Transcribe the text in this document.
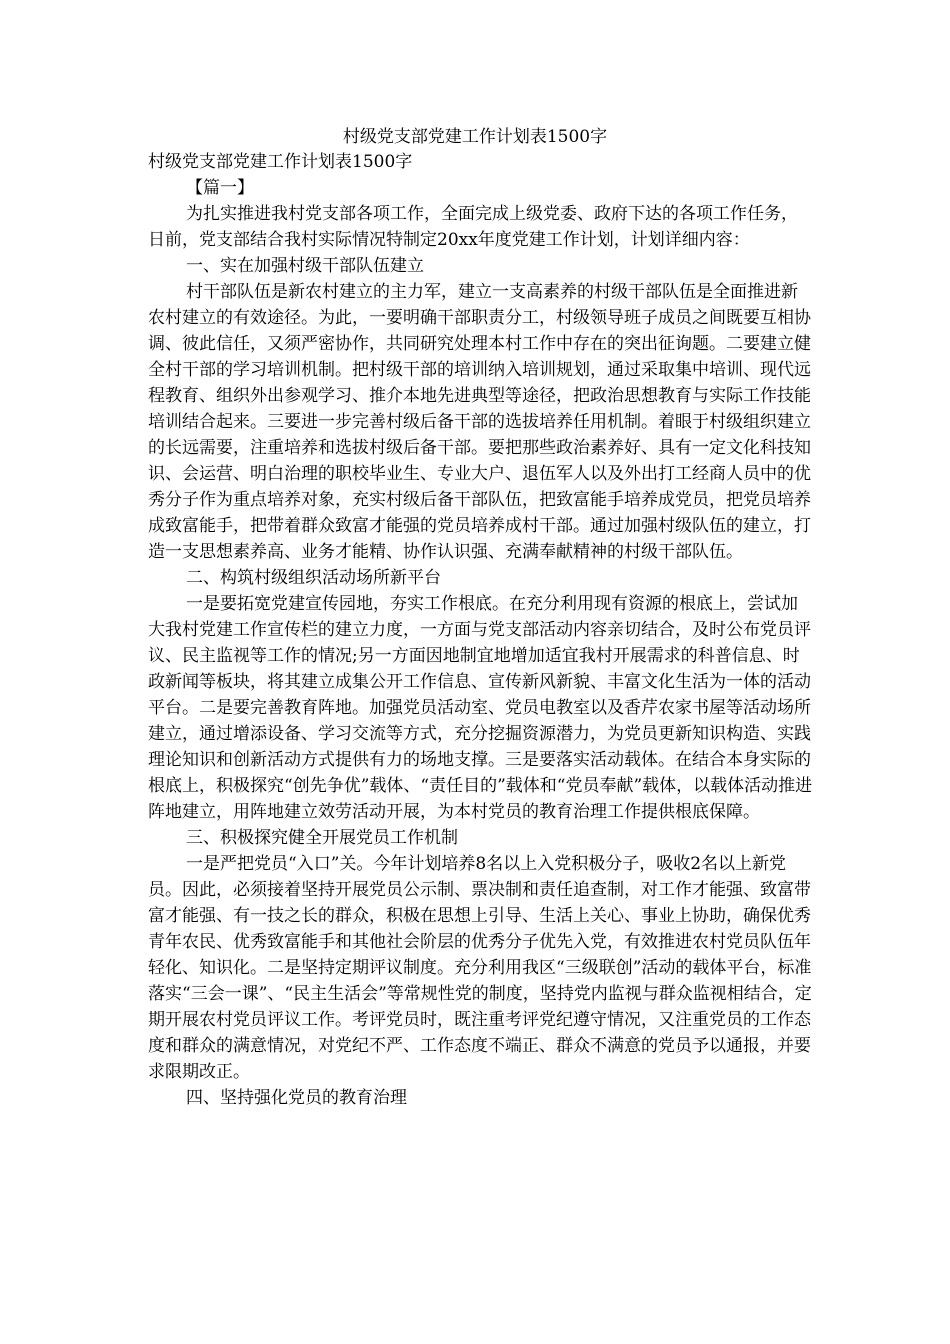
村级党支部党建工作计划表1500字

村级党支部党建工作计划表1500字

【篇一】

为扎实推进我村党支部各项工作，全面完成上级党委、政府下达的各项工作任务，日前，党支部结合我村实际情况特制定20xx年度党建工作计划，计划详细内容：

一、实在加强村级干部队伍建立

村干部队伍是新农村建立的主力军，建立一支高素养的村级干部队伍是全面推进新农村建立的有效途径。为此，一要明确干部职责分工，村级领导班子成员之间既要互相协调、彼此信任，又须严密协作，共同研究处理本村工作中存在的突出征询题。二要建立健全村干部的学习培训机制。把村级干部的培训纳入培训规划，通过采取集中培训、现代远程教育、组织外出参观学习、推介本地先进典型等途径，把政治思想教育与实际工作技能培训结合起来。三要进一步完善村级后备干部的选拔培养任用机制。着眼于村级组织建立的长远需要，注重培养和选拔村级后备干部。要把那些政治素养好、具有一定文化科技知识、会运营、明白治理的职校毕业生、专业大户、退伍军人以及外出打工经商人员中的优秀分子作为重点培养对象，充实村级后备干部队伍，把致富能手培养成党员，把党员培养成致富能手，把带着群众致富才能强的党员培养成村干部。通过加强村级队伍的建立，打造一支思想素养高、业务才能精、协作认识强、充满奉献精神的村级干部队伍。

二、构筑村级组织活动场所新平台

一是要拓宽党建宣传园地，夯实工作根底。在充分利用现有资源的根底上，尝试加大我村党建工作宣传栏的建立力度，一方面与党支部活动内容亲切结合，及时公布党员评议、民主监视等工作的情况;另一方面因地制宜地增加适宜我村开展需求的科普信息、时政新闻等板块，将其建立成集公开工作信息、宣传新风新貌、丰富文化生活为一体的活动平台。二是要完善教育阵地。加强党员活动室、党员电教室以及香芹农家书屋等活动场所建立，通过增添设备、学习交流等方式，充分挖掘资源潜力，为党员更新知识构造、实践理论知识和创新活动方式提供有力的场地支撑。三是要落实活动载体。在结合本身实际的根底上，积极探究“创先争优”载体、“责任目的”载体和“党员奉献”载体，以载体活动推进阵地建立，用阵地建立效劳活动开展，为本村党员的教育治理工作提供根底保障。

三、积极探究健全开展党员工作机制

一是严把党员“入口”关。今年计划培养8名以上入党积极分子，吸收2名以上新党员。因此，必须接着坚持开展党员公示制、票决制和责任追查制，对工作才能强、致富带富才能强、有一技之长的群众，积极在思想上引导、生活上关心、事业上协助，确保优秀青年农民、优秀致富能手和其他社会阶层的优秀分子优先入党，有效推进农村党员队伍年轻化、知识化。二是坚持定期评议制度。充分利用我区“三级联创”活动的载体平台，标准落实“三会一课”、“民主生活会”等常规性党的制度，坚持党内监视与群众监视相结合，定期开展农村党员评议工作。考评党员时，既注重考评党纪遵守情况，又注重党员的工作态度和群众的满意情况，对党纪不严、工作态度不端正、群众不满意的党员予以通报，并要求限期改正。

四、坚持强化党员的教育治理
